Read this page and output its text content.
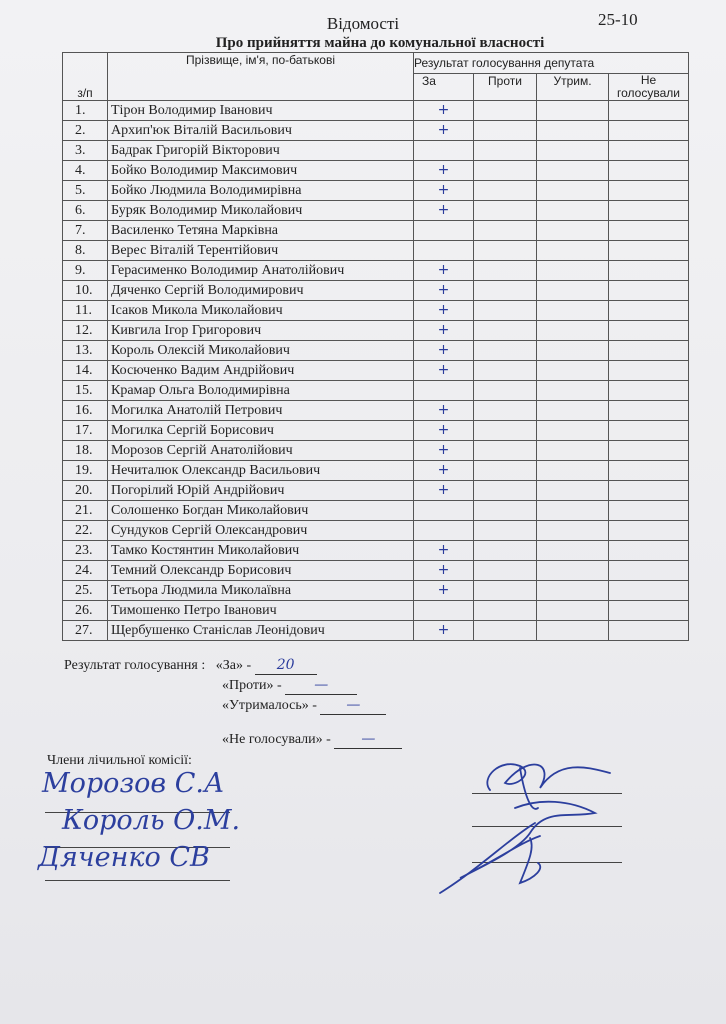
Відомості	25-10
Про прийняття майна до комунальної власності
з/п	Прізвище, ім'я, по-батькові	Результат голосування депутата			
		За	Проти	Утрим.	Не голосували
1.	Тірон Володимир Іванович	+			
2.	Архип'юк Віталій Васильович	+			
3.	Бадрак Григорій Вікторович				
4.	Бойко Володимир Максимович	+			
5.	Бойко Людмила Володимирівна	+			
6.	Буряк Володимир Миколайович	+			
7.	Василенко Тетяна Марківна				
8.	Верес Віталій Терентійович				
9.	Герасименко Володимир Анатолійович	+			
10.	Дяченко Сергій Володимирович	+			
11.	Ісаков Микола Миколайович	+			
12.	Кивгила Ігор Григорович	+			
13.	Король Олексій Миколайович	+			
14.	Косюченко Вадим Андрійович	+			
15.	Крамар Ольга Володимирівна				
16.	Могилка Анатолій Петрович	+			
17.	Могилка Сергій Борисович	+			
18.	Морозов Сергій Анатолійович	+			
19.	Нечиталюк Олександр Васильович	+			
20.	Погорілий Юрій Андрійович	+			
21.	Солошенко Богдан Миколайович				
22.	Сундуков Сергій Олександрович				
23.	Тамко Костянтин Миколайович	+			
24.	Темний Олександр Борисович	+			
25.	Тетьора Людмила Миколаївна	+			
26.	Тимошенко Петро Іванович				
27.	Щербушенко Станіслав Леонідович	+			
Результат голосування : «За» - 20
«Проти» - —
«Утрималось» - —
«Не голосували» - —
Члени лічильної комісії:
Морозов С.А
Король О.М.
Дяченко СВ
